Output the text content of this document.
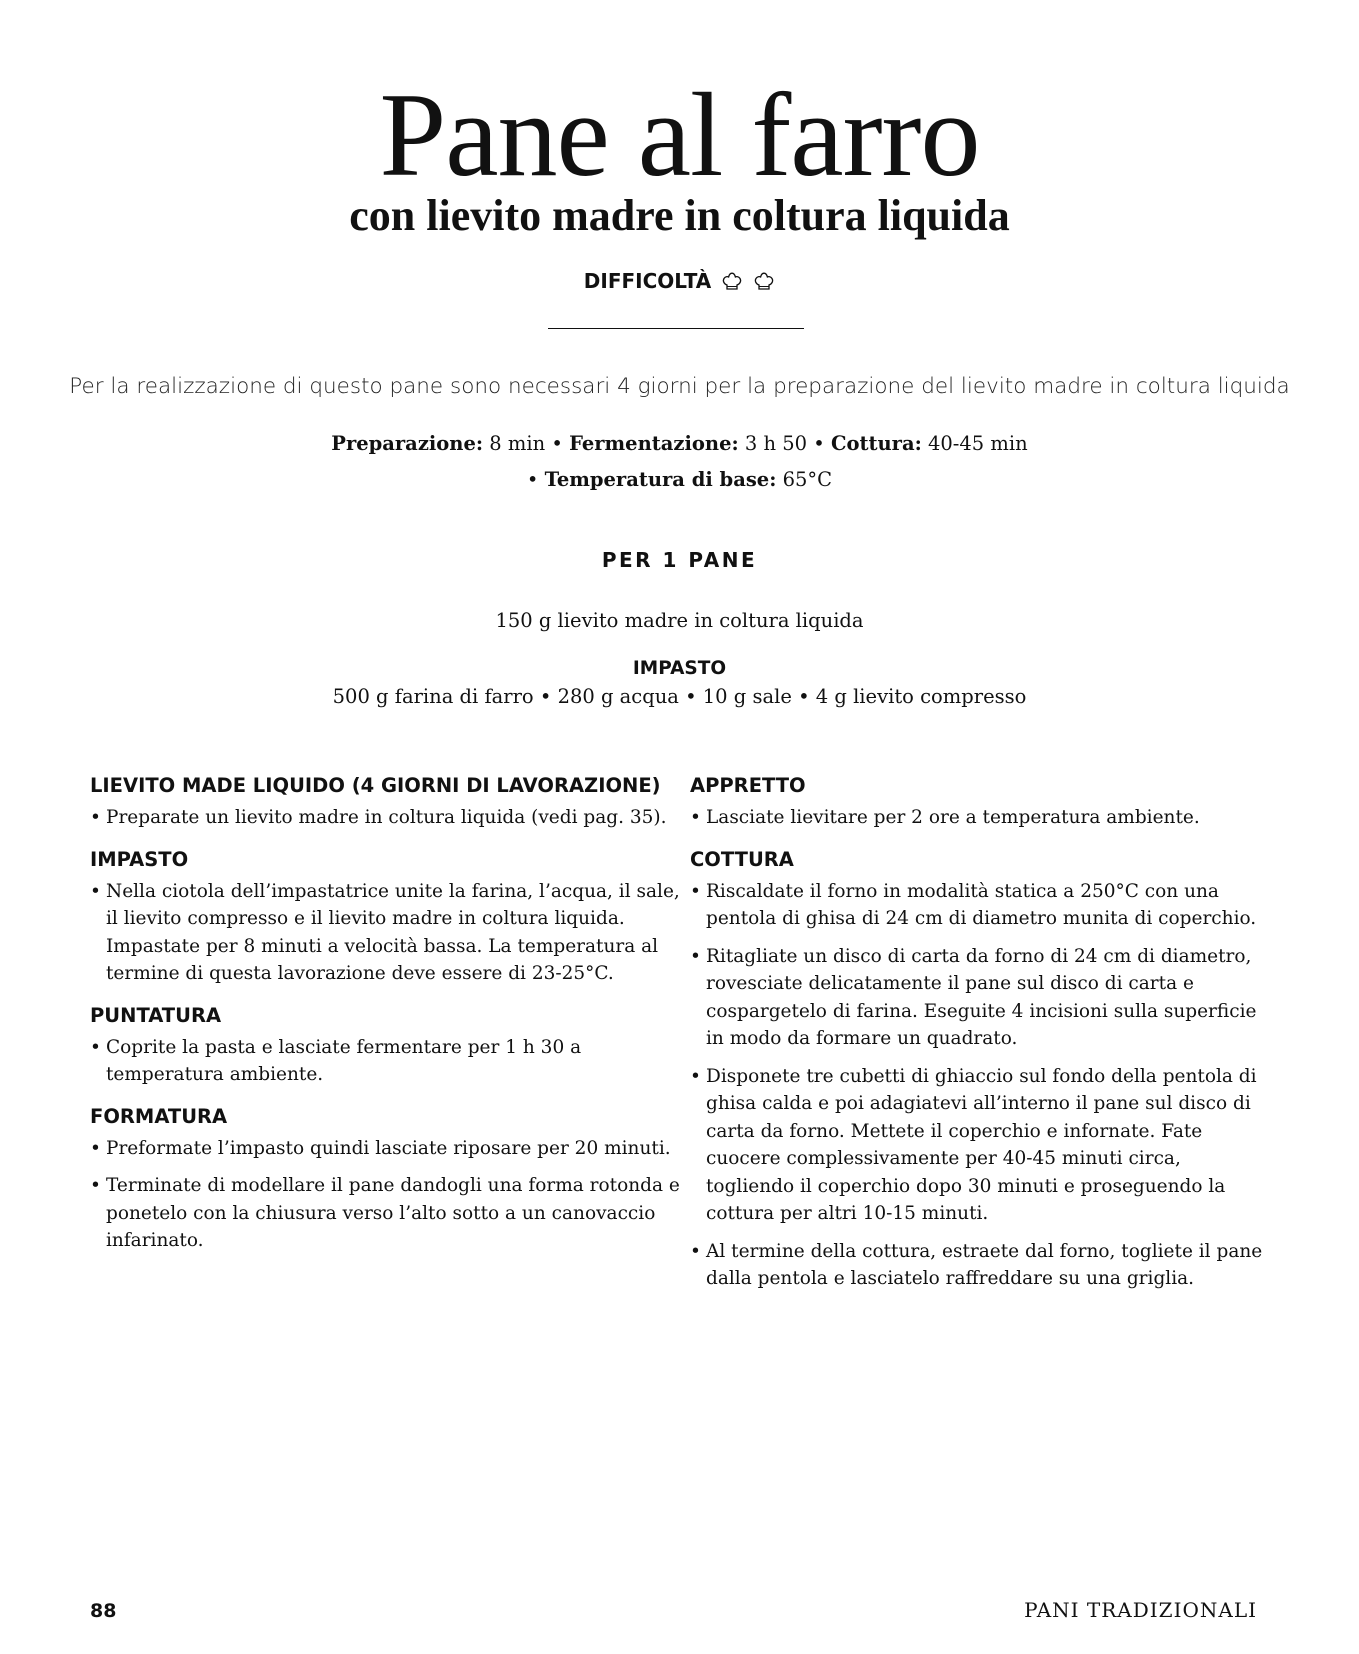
Pane al farro
con lievito madre in coltura liquida
DIFFICOLTÀ
Per la realizzazione di questo pane sono necessari 4 giorni per la preparazione del lievito madre in coltura liquida
Preparazione: 8 min • Fermentazione: 3 h 50 • Cottura: 40-45 min
• Temperatura di base: 65°C
PER 1 PANE
150 g lievito madre in coltura liquida
IMPASTO
500 g farina di farro • 280 g acqua • 10 g sale • 4 g lievito compresso
LIEVITO MADE LIQUIDO (4 GIORNI DI LAVORAZIONE)
• Preparate un lievito madre in coltura liquida (vedi pag. 35).
IMPASTO
• Nella ciotola dell’impastatrice unite la farina, l’acqua, il sale, il lievito compresso e il lievito madre in coltura liquida. Impastate per 8 minuti a velocità bassa. La temperatura al termine di questa lavorazione deve essere di 23-25°C.
PUNTATURA
• Coprite la pasta e lasciate fermentare per 1 h 30 a temperatura ambiente.
FORMATURA
• Preformate l’impasto quindi lasciate riposare per 20 minuti.
• Terminate di modellare il pane dandogli una forma rotonda e ponetelo con la chiusura verso l’alto sotto a un canovaccio infarinato.
APPRETTO
• Lasciate lievitare per 2 ore a temperatura ambiente.
COTTURA
• Riscaldate il forno in modalità statica a 250°C con una pentola di ghisa di 24 cm di diametro munita di coperchio.
• Ritagliate un disco di carta da forno di 24 cm di diametro, rovesciate delicatamente il pane sul disco di carta e cospargetelo di farina. Eseguite 4 incisioni sulla superficie in modo da formare un quadrato.
• Disponete tre cubetti di ghiaccio sul fondo della pentola di ghisa calda e poi adagiatevi all’interno il pane sul disco di carta da forno. Mettete il coperchio e infornate. Fate cuocere complessivamente per 40-45 minuti circa, togliendo il coperchio dopo 30 minuti e proseguendo la cottura per altri 10-15 minuti.
• Al termine della cottura, estraete dal forno, togliete il pane dalla pentola e lasciatelo raffreddare su una griglia.
88	PANI TRADIZIONALI
